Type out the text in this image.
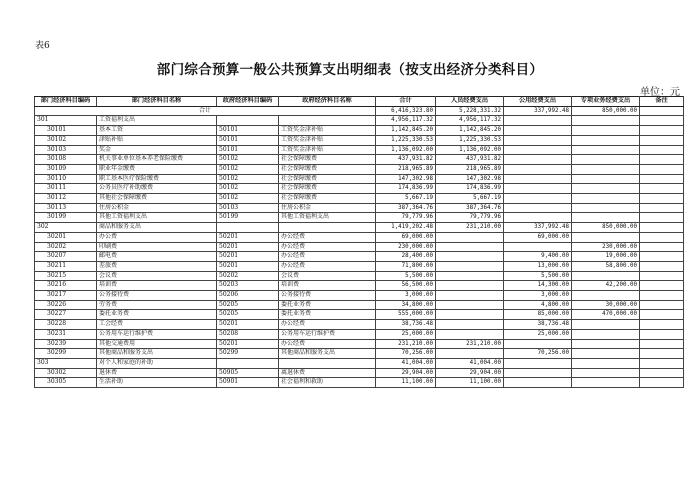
表6
部门综合预算一般公共预算支出明细表（按支出经济分类科目）
单位：元
部门经济科目编码	部门经济科目名称	政府经济科目编码	政府经济科目名称	合计	人员经费支出	公用经费支出	专项业务经费支出	备注
合计				6,416,323.80	5,228,331.32	337,992.48	850,000.00	
301	工资福利支出			4,956,117.32	4,956,117.32			
30101	基本工资	50101	工资奖金津补贴	1,142,845.20	1,142,845.20			
30102	津贴补贴	50101	工资奖金津补贴	1,225,330.53	1,225,330.53			
30103	奖金	50101	工资奖金津补贴	1,136,092.00	1,136,092.00			
30108	机关事业单位基本养老保险缴费	50102	社会保障缴费	437,931.82	437,931.82			
30109	职业年金缴费	50102	社会保障缴费	218,965.89	218,965.89			
30110	职工基本医疗保险缴费	50102	社会保障缴费	147,302.98	147,302.98			
30111	公务员医疗补助缴费	50102	社会保障缴费	174,836.99	174,836.99			
30112	其他社会保障缴费	50102	社会保障缴费	5,667.19	5,667.19			
30113	住房公积金	50103	住房公积金	387,364.76	387,364.76			
30199	其他工资福利支出	50199	其他工资福利支出	79,779.96	79,779.96			
302	商品和服务支出			1,419,202.48	231,210.00	337,992.48	850,000.00	
30201	办公费	50201	办公经费	69,000.00		69,000.00		
30202	印刷费	50201	办公经费	230,000.00			230,000.00	
30207	邮电费	50201	办公经费	28,400.00		9,400.00	19,000.00	
30211	差旅费	50201	办公经费	71,800.00		13,000.00	58,800.00	
30215	会议费	50202	会议费	5,500.00		5,500.00		
30216	培训费	50203	培训费	56,500.00		14,300.00	42,200.00	
30217	公务接待费	50206	公务接待费	3,000.00		3,000.00		
30226	劳务费	50205	委托业务费	34,800.00		4,800.00	30,000.00	
30227	委托业务费	50205	委托业务费	555,000.00		85,000.00	470,000.00	
30228	工会经费	50201	办公经费	38,736.48		38,736.48		
30231	公务用车运行维护费	50208	公务用车运行维护费	25,000.00		25,000.00		
30239	其他交通费用	50201	办公经费	231,210.00	231,210.00			
30299	其他商品和服务支出	50299	其他商品和服务支出	70,256.00		70,256.00		
303	对个人和家庭的补助			41,004.00	41,004.00			
30302	退休费	50905	离退休费	29,904.00	29,904.00			
30305	生活补助	50901	社会福利和救助	11,100.00	11,100.00			
